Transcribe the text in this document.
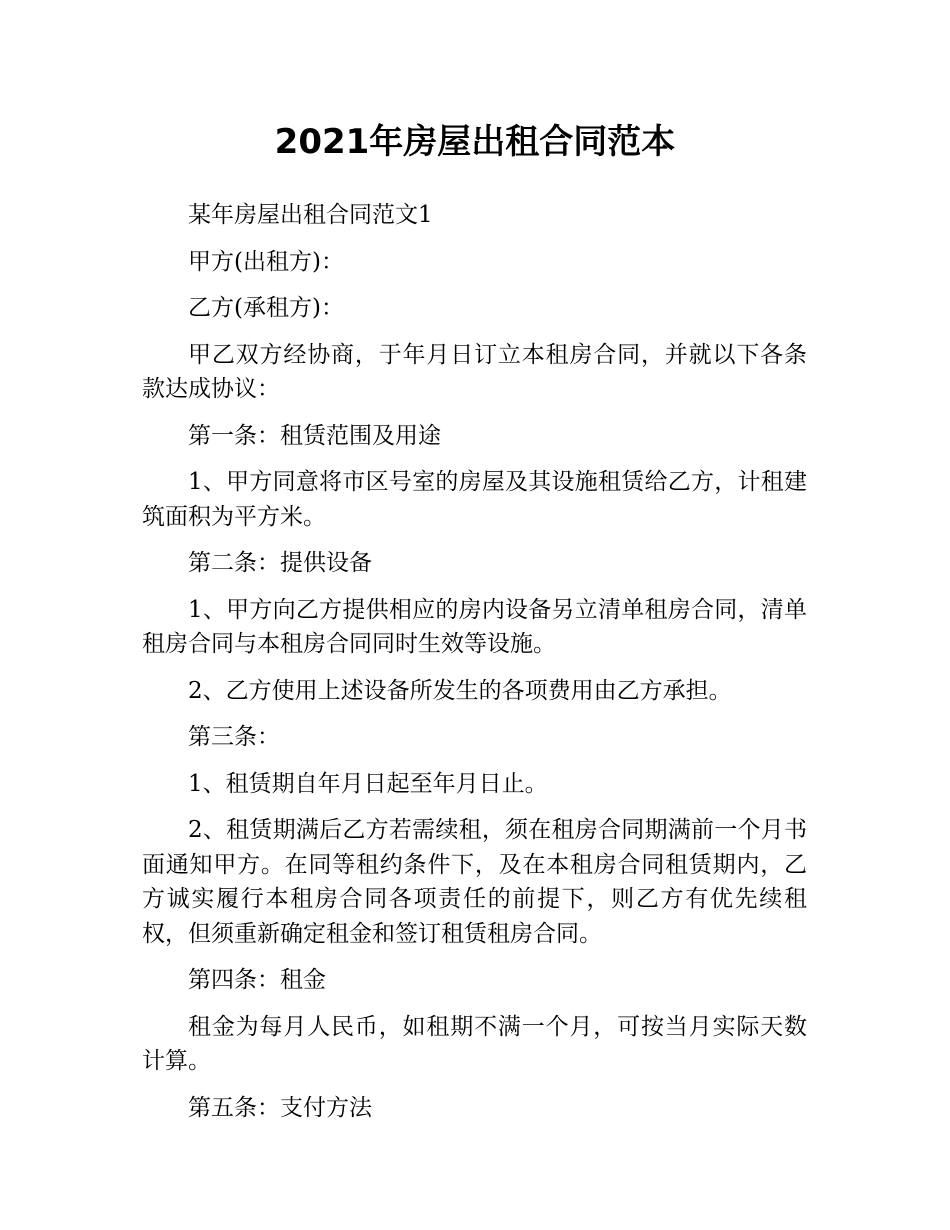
2021年房屋出租合同范本

某年房屋出租合同范文1

甲方(出租方)：

乙方(承租方)：

甲乙双方经协商，于年月日订立本租房合同，并就以下各条款达成协议：

第一条：租赁范围及用途

1、甲方同意将市区号室的房屋及其设施租赁给乙方，计租建筑面积为平方米。

第二条：提供设备

1、甲方向乙方提供相应的房内设备另立清单租房合同，清单租房合同与本租房合同同时生效等设施。

2、乙方使用上述设备所发生的各项费用由乙方承担。

第三条：

1、租赁期自年月日起至年月日止。

2、租赁期满后乙方若需续租，须在租房合同期满前一个月书面通知甲方。在同等租约条件下，及在本租房合同租赁期内，乙方诚实履行本租房合同各项责任的前提下，则乙方有优先续租权，但须重新确定租金和签订租赁租房合同。

第四条：租金

租金为每月人民币，如租期不满一个月，可按当月实际天数计算。

第五条：支付方法
